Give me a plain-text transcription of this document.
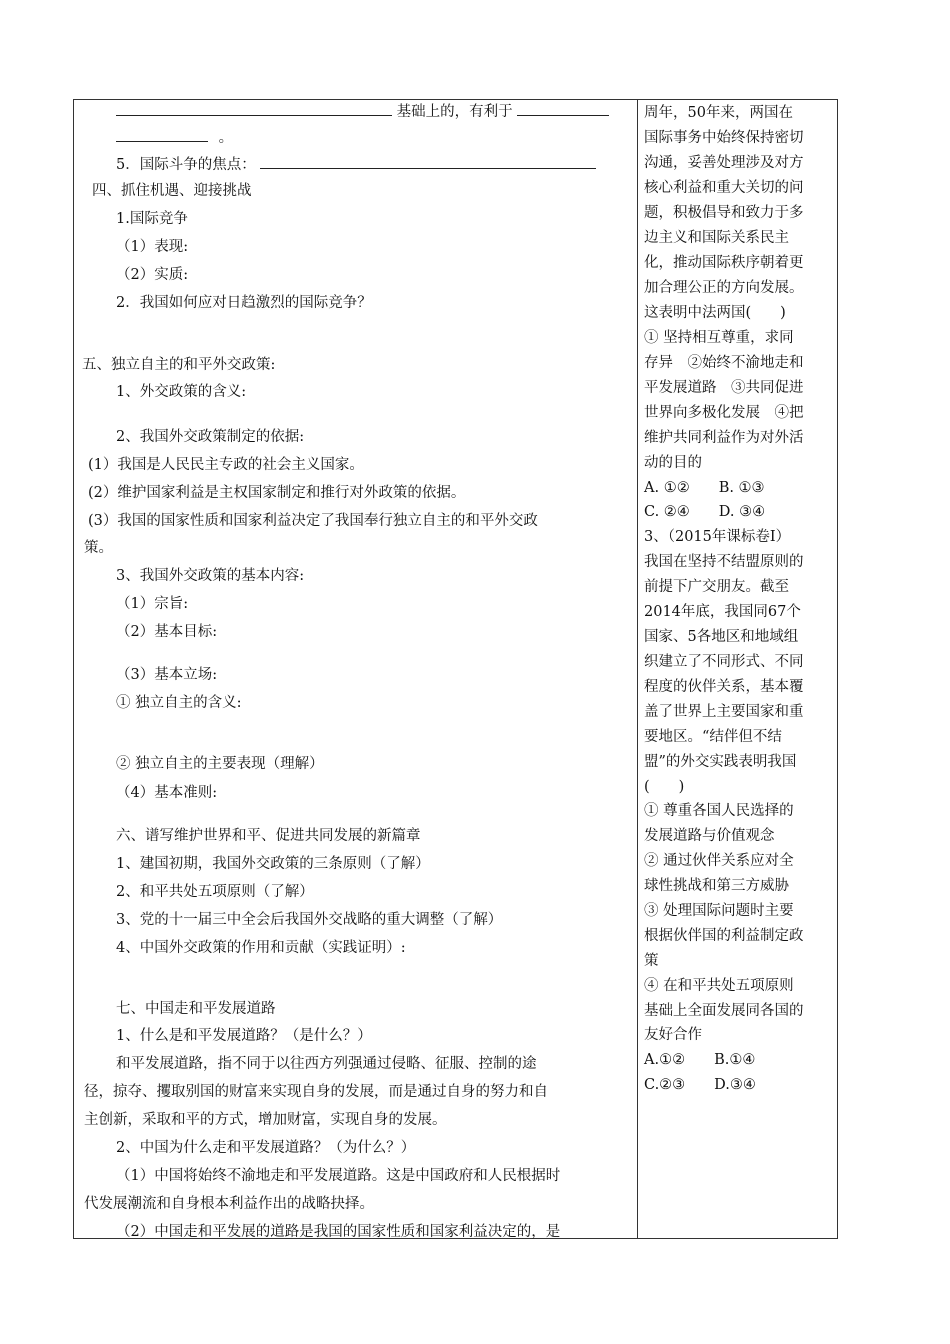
基础上的，有利于
。
5．国际斗争的焦点：
四、抓住机遇、迎接挑战
1.国际竞争
（1）表现:
（2）实质:
2．我国如何应对日趋激烈的国际竞争？
五、独立自主的和平外交政策:
1、外交政策的含义:
2、我国外交政策制定的依据:
(1）我国是人民民主专政的社会主义国家。
(2）维护国家利益是主权国家制定和推行对外政策的依据。
(3）我国的国家性质和国家利益决定了我国奉行独立自主的和平外交政
策。
3、我国外交政策的基本内容:
（1）宗旨:
（2）基本目标:
（3）基本立场:
① 独立自主的含义:
② 独立自主的主要表现（理解）
（4）基本准则:
六、谱写维护世界和平、促进共同发展的新篇章
1、建国初期，我国外交政策的三条原则（了解）
2、和平共处五项原则（了解）
3、党的十一届三中全会后我国外交战略的重大调整（了解）
4、中国外交政策的作用和贡献（实践证明）:
七、中国走和平发展道路
1、什么是和平发展道路？（是什么？）
和平发展道路，指不同于以往西方列强通过侵略、征服、控制的途
径，掠夺、攫取别国的财富来实现自身的发展，而是通过自身的努力和自
主创新，采取和平的方式，增加财富，实现自身的发展。
2、中国为什么走和平发展道路？（为什么？）
（1）中国将始终不渝地走和平发展道路。这是中国政府和人民根据时
代发展潮流和自身根本利益作出的战略抉择。
（2）中国走和平发展的道路是我国的国家性质和国家利益决定的，是
周年，50年来，两国在
国际事务中始终保持密切
沟通，妥善处理涉及对方
核心利益和重大关切的问
题，积极倡导和致力于多
边主义和国际关系民主
化，推动国际秩序朝着更
加合理公正的方向发展。
这表明中法两国(　　)
① 坚持相互尊重，求同
存异　②始终不渝地走和
平发展道路　③共同促进
世界向多极化发展　④把
维护共同利益作为对外活
动的目的
A. ①②　　B. ①③
C. ②④　　D. ③④
3、（2015年课标卷Ⅰ）
我国在坚持不结盟原则的
前提下广交朋友。截至
2014年底，我国同67个
国家、5各地区和地域组
织建立了不同形式、不同
程度的伙伴关系，基本覆
盖了世界上主要国家和重
要地区。“结伴但不结
盟”的外交实践表明我国
(　　)
① 尊重各国人民选择的
发展道路与价值观念
② 通过伙伴关系应对全
球性挑战和第三方威胁
③ 处理国际问题时主要
根据伙伴国的利益制定政
策
④ 在和平共处五项原则
基础上全面发展同各国的
友好合作
A.①②　　B.①④
C.②③　　D.③④
